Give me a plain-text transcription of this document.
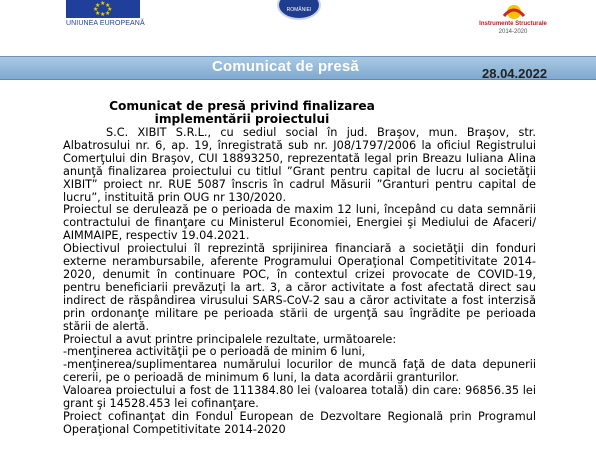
★
★ ★
★ ★
★ ★
★
UNIUNEA EUROPEANĂ
ROMÂNIEI
Instrumente Structurale
2014-2020
Comunicat de presă	28.04.2022
Comunicat de presă privind finalizarea implementării proiectului

S.C. XIBIT S.R.L., cu sediul social în jud. Braşov, mun. Braşov, str. Albatrosului nr. 6, ap. 19, înregistrată sub nr. J08/1797/2006 la oficiul Registrului Comerţului din Braşov, CUI 18893250, reprezentată legal prin Breazu Iuliana Alina anunţă finalizarea proiectului cu titlul ”Grant pentru capital de lucru al societăţii XIBIT” proiect nr. RUE 5087 înscris în cadrul Măsurii ”Granturi pentru capital de lucru”, instituită prin OUG nr 130/2020.

Proiectul se derulează pe o perioada de maxim 12 luni, începând cu data semnării contractului de finanţare cu Ministerul Economiei, Energiei şi Mediului de Afaceri/ AIMMAIPE, respectiv 19.04.2021.

Obiectivul proiectului îl reprezintă sprijinirea financiară a societăţii din fonduri externe nerambursabile, aferente Programului Operaţional Competitivitate 2014-2020, denumit în continuare POC, în contextul crizei provocate de COVID-19, pentru beneficiarii prevăzuţi la art. 3, a căror activitate a fost afectată direct sau indirect de răspândirea virusului SARS-CoV-2 sau a căror activitate a fost interzisă prin ordonanţe militare pe perioada stării de urgenţă sau îngrădite pe perioada stării de alertă.

Proiectul a avut printre principalele rezultate, următoarele:

-menţinerea activităţii pe o perioadă de minim 6 luni,

-menţinerea/suplimentarea numărului locurilor de muncă faţă de data depunerii cererii, pe o perioadă de minimum 6 luni, la data acordării granturilor.

Valoarea proiectului a fost de 111384.80 lei (valoarea totală) din care: 96856.35 lei grant şi 14528.453 lei cofinanţare.

Proiect cofinanţat din Fondul European de Dezvoltare Regională prin Programul Operaţional Competitivitate 2014-2020
